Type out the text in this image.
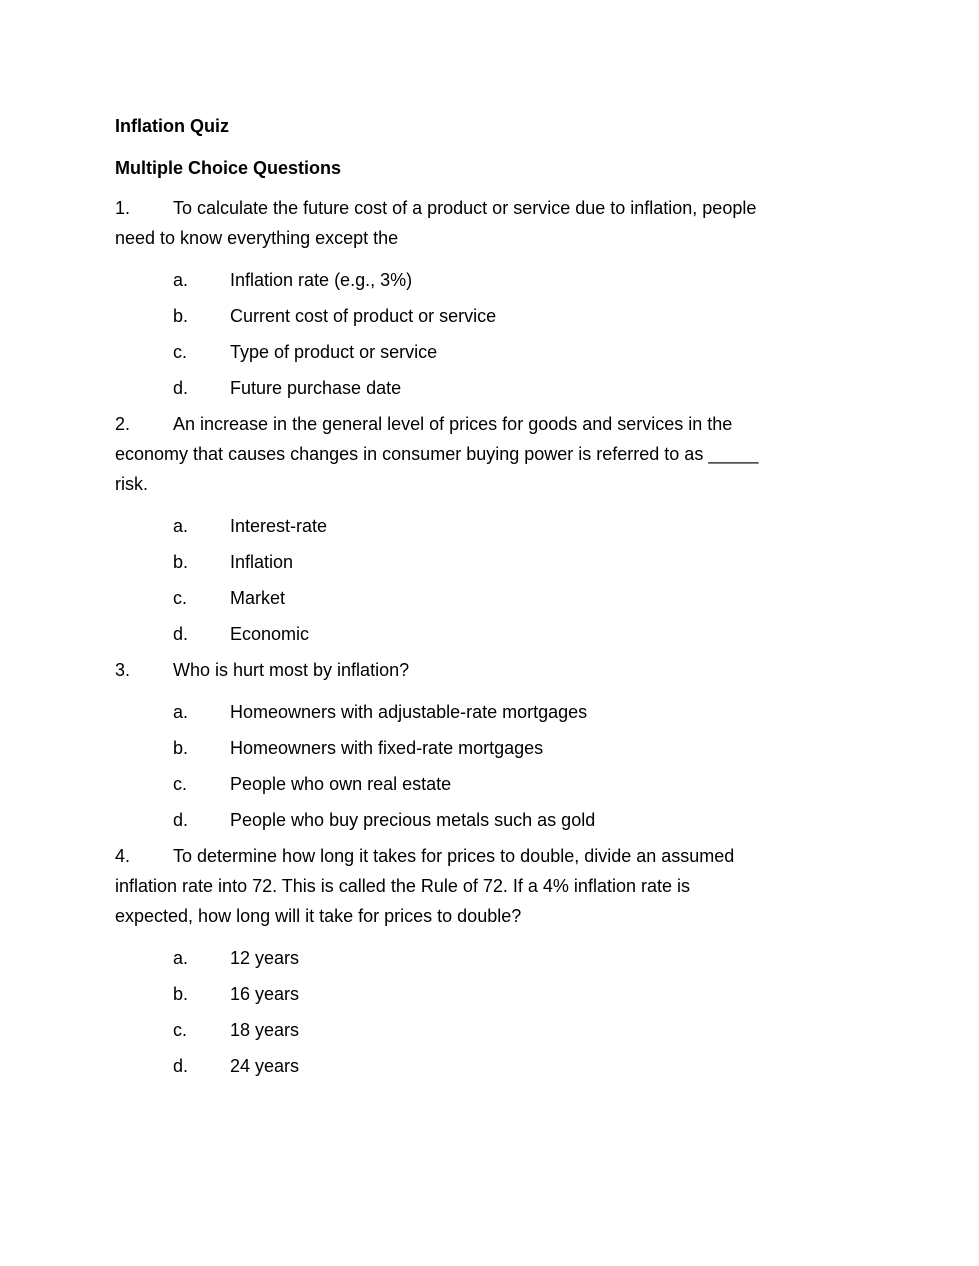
Inflation Quiz
Multiple Choice Questions
1. To calculate the future cost of a product or service due to inflation, people
need to know everything except the
a. Inflation rate (e.g., 3%)
b. Current cost of product or service
c. Type of product or service
d. Future purchase date
2. An increase in the general level of prices for goods and services in the
economy that causes changes in consumer buying power is referred to as _____
risk.
a. Interest-rate
b. Inflation
c. Market
d. Economic
3. Who is hurt most by inflation?
a. Homeowners with adjustable-rate mortgages
b. Homeowners with fixed-rate mortgages
c. People who own real estate
d. People who buy precious metals such as gold
4. To determine how long it takes for prices to double, divide an assumed
inflation rate into 72. This is called the Rule of 72. If a 4% inflation rate is
expected, how long will it take for prices to double?
a. 12 years
b. 16 years
c. 18 years
d. 24 years
